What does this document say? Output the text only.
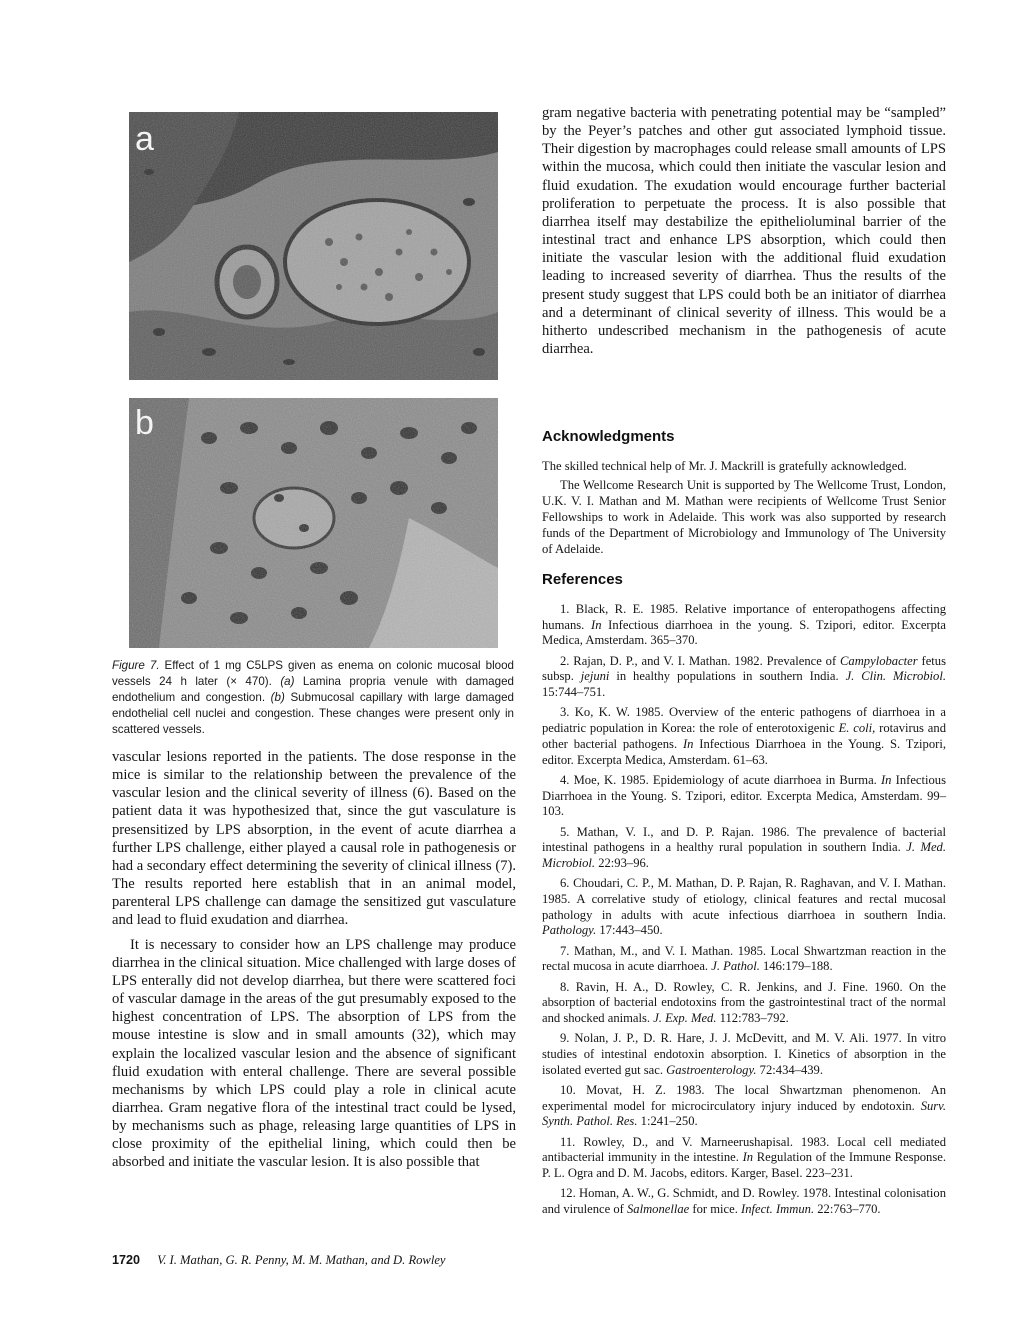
a
b

Figure 7. Effect of 1 mg C5LPS given as enema on colonic mucosal blood vessels 24 h later (× 470). (a) Lamina propria venule with damaged endothelium and congestion. (b) Submucosal capillary with large damaged endothelial cell nuclei and congestion. These changes were present only in scattered vessels.

vascular lesions reported in the patients. The dose response in the mice is similar to the relationship between the prevalence of the vascular lesion and the clinical severity of illness (6). Based on the patient data it was hypothesized that, since the gut vasculature is presensitized by LPS absorption, in the event of acute diarrhea a further LPS challenge, either played a causal role in pathogenesis or had a secondary effect determining the severity of clinical illness (7). The results reported here establish that in an animal model, parenteral LPS challenge can damage the sensitized gut vasculature and lead to fluid exudation and diarrhea.

It is necessary to consider how an LPS challenge may produce diarrhea in the clinical situation. Mice challenged with large doses of LPS enterally did not develop diarrhea, but there were scattered foci of vascular damage in the areas of the gut presumably exposed to the highest concentration of LPS. The absorption of LPS from the mouse intestine is slow and in small amounts (32), which may explain the localized vascular lesion and the absence of significant fluid exudation with enteral challenge. There are several possible mechanisms by which LPS could play a role in clinical acute diarrhea. Gram negative flora of the intestinal tract could be lysed, by mechanisms such as phage, releasing large quantities of LPS in close proximity of the epithelial lining, which could then be absorbed and initiate the vascular lesion. It is also possible that

gram negative bacteria with penetrating potential may be “sampled” by the Peyer’s patches and other gut associated lymphoid tissue. Their digestion by macrophages could release small amounts of LPS within the mucosa, which could then initiate the vascular lesion and fluid exudation. The exudation would encourage further bacterial proliferation to perpetuate the process. It is also possible that diarrhea itself may destabilize the epithelioluminal barrier of the intestinal tract and enhance LPS absorption, which could then initiate the vascular lesion with the additional fluid exudation leading to increased severity of diarrhea. Thus the results of the present study suggest that LPS could both be an initiator of diarrhea and a determinant of clinical severity of illness. This would be a hitherto undescribed mechanism in the pathogenesis of acute diarrhea.

Acknowledgments

The skilled technical help of Mr. J. Mackrill is gratefully acknowledged.

The Wellcome Research Unit is supported by The Wellcome Trust, London, U.K. V. I. Mathan and M. Mathan were recipients of Wellcome Trust Senior Fellowships to work in Adelaide. This work was also supported by research funds of the Department of Microbiology and Immunology of The University of Adelaide.

References
1. Black, R. E. 1985. Relative importance of enteropathogens affecting humans. In Infectious diarrhoea in the young. S. Tzipori, editor. Excerpta Medica, Amsterdam. 365–370.
2. Rajan, D. P., and V. I. Mathan. 1982. Prevalence of Campylobacter fetus subsp. jejuni in healthy populations in southern India. J. Clin. Microbiol. 15:744–751.
3. Ko, K. W. 1985. Overview of the enteric pathogens of diarrhoea in a pediatric population in Korea: the role of enterotoxigenic E. coli, rotavirus and other bacterial pathogens. In Infectious Diarrhoea in the Young. S. Tzipori, editor. Excerpta Medica, Amsterdam. 61–63.
4. Moe, K. 1985. Epidemiology of acute diarrhoea in Burma. In Infectious Diarrhoea in the Young. S. Tzipori, editor. Excerpta Medica, Amsterdam. 99–103.
5. Mathan, V. I., and D. P. Rajan. 1986. The prevalence of bacterial intestinal pathogens in a healthy rural population in southern India. J. Med. Microbiol. 22:93–96.
6. Choudari, C. P., M. Mathan, D. P. Rajan, R. Raghavan, and V. I. Mathan. 1985. A correlative study of etiology, clinical features and rectal mucosal pathology in adults with acute infectious diarrhoea in southern India. Pathology. 17:443–450.
7. Mathan, M., and V. I. Mathan. 1985. Local Shwartzman reaction in the rectal mucosa in acute diarrhoea. J. Pathol. 146:179–188.
8. Ravin, H. A., D. Rowley, C. R. Jenkins, and J. Fine. 1960. On the absorption of bacterial endotoxins from the gastrointestinal tract of the normal and shocked animals. J. Exp. Med. 112:783–792.
9. Nolan, J. P., D. R. Hare, J. J. McDevitt, and M. V. Ali. 1977. In vitro studies of intestinal endotoxin absorption. I. Kinetics of absorption in the isolated everted gut sac. Gastroenterology. 72:434–439.
10. Movat, H. Z. 1983. The local Shwartzman phenomenon. An experimental model for microcirculatory injury induced by endotoxin. Surv. Synth. Pathol. Res. 1:241–250.
11. Rowley, D., and V. Marneerushapisal. 1983. Local cell mediated antibacterial immunity in the intestine. In Regulation of the Immune Response. P. L. Ogra and D. M. Jacobs, editors. Karger, Basel. 223–231.
12. Homan, A. W., G. Schmidt, and D. Rowley. 1978. Intestinal colonisation and virulence of Salmonellae for mice. Infect. Immun. 22:763–770.
1720 V. I. Mathan, G. R. Penny, M. M. Mathan, and D. Rowley
